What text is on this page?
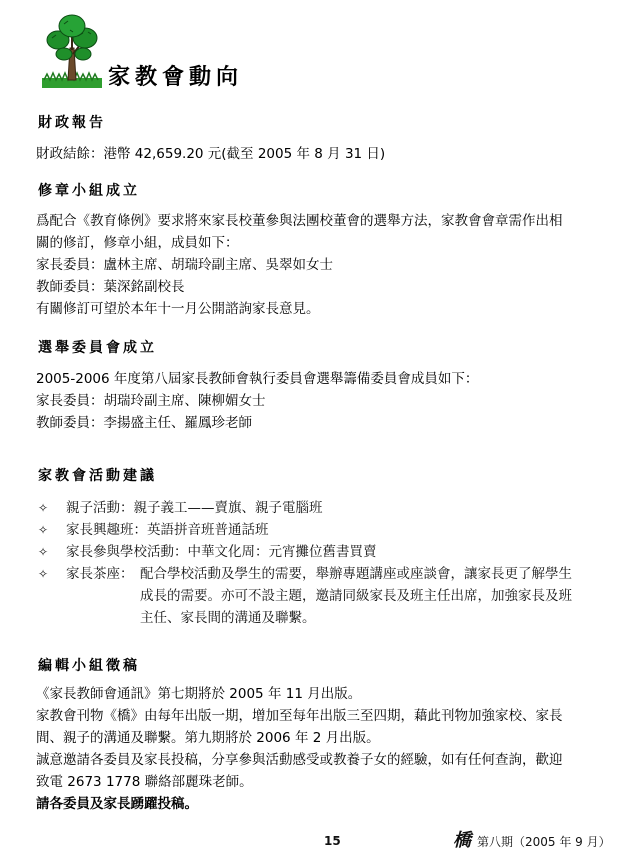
家教會動向
財政報告
財政結餘：港幣 42,659.20 元(截至 2005 年 8 月 31 日)
修章小組成立
爲配合《教育條例》要求將來家長校董參與法團校董會的選舉方法，家教會會章需作出相
關的修訂，修章小組，成員如下：
家長委員：盧林主席、胡瑞玲副主席、吳翠如女士
教師委員：葉深銘副校長
有關修訂可望於本年十一月公開諮詢家長意見。
選舉委員會成立
2005-2006 年度第八屆家長教師會執行委員會選舉籌備委員會成員如下：
家長委員：胡瑞玲副主席、陳柳媚女士
教師委員：李揚盛主任、羅鳳珍老師
家教會活動建議
✧ 親子活動：親子義工——賣旗、親子電腦班
✧ 家長興趣班：英語拼音班普通話班
✧ 家長參與學校活動：中華文化周：元宵攤位舊書買賣
✧ 家長茶座： 配合學校活動及學生的需要，舉辦專題講座或座談會，讓家長更了解學生
成長的需要。亦可不設主題，邀請同級家長及班主任出席，加強家長及班
主任、家長間的溝通及聯繫。
編輯小組徵稿
《家長教師會通訊》第七期將於 2005 年 11 月出版。
家教會刊物《橋》由每年出版一期，增加至每年出版三至四期，藉此刊物加強家校、家長
間、親子的溝通及聯繫。第九期將於 2006 年 2 月出版。
誠意邀請各委員及家長投稿，分享參與活動感受或教養子女的經驗，如有任何查詢，歡迎
致電 2673 1778 聯絡部麗珠老師。
請各委員及家長踴躍投稿。
15	橋第八期（2005 年 9 月）
